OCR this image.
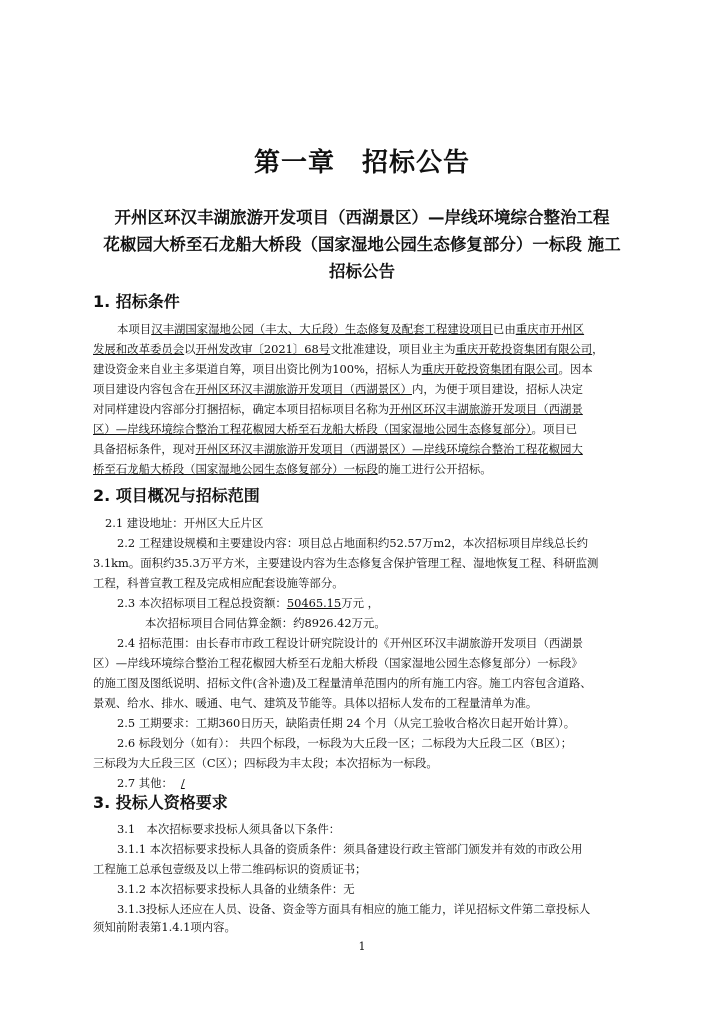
第一章　招标公告
开州区环汉丰湖旅游开发项目（西湖景区）—岸线环境综合整治工程
花椒园大桥至石龙船大桥段（国家湿地公园生态修复部分）一标段 施工
招标公告
1. 招标条件
本项目汉丰湖国家湿地公园（丰太、大丘段）生态修复及配套工程建设项目已由重庆市开州区
发展和改革委员会以开州发改审〔2021〕68号文批准建设，项目业主为重庆开乾投资集团有限公司，
建设资金来自业主多渠道自筹，项目出资比例为100%，招标人为重庆开乾投资集团有限公司。因本
项目建设内容包含在开州区环汉丰湖旅游开发项目（西湖景区）内，为便于项目建设，招标人决定
对同样建设内容部分打捆招标，确定本项目招标项目名称为开州区环汉丰湖旅游开发项目（西湖景
区）—岸线环境综合整治工程花椒园大桥至石龙船大桥段（国家湿地公园生态修复部分）。项目已
具备招标条件，现对开州区环汉丰湖旅游开发项目（西湖景区）—岸线环境综合整治工程花椒园大
桥至石龙船大桥段（国家湿地公园生态修复部分）一标段的施工进行公开招标。
2. 项目概况与招标范围
2.1 建设地址：开州区大丘片区
2.2 工程建设规模和主要建设内容：项目总占地面积约52.57万m2，本次招标项目岸线总长约
3.1km。面积约35.3万平方米，主要建设内容为生态修复含保护管理工程、湿地恢复工程、科研监测
工程，科普宣教工程及完成相应配套设施等部分。
2.3 本次招标项目工程总投资额：50465.15万元 ，
本次招标项目合同估算金额：约8926.42万元。
2.4 招标范围：由长春市市政工程设计研究院设计的《开州区环汉丰湖旅游开发项目（西湖景
区）—岸线环境综合整治工程花椒园大桥至石龙船大桥段（国家湿地公园生态修复部分）一标段》
的施工图及图纸说明、招标文件(含补遗)及工程量清单范围内的所有施工内容。施工内容包含道路、
景观、给水、排水、暖通、电气、建筑及节能等。具体以招标人发布的工程量清单为准。
2.5 工期要求：工期360日历天，缺陷责任期 24 个月（从完工验收合格次日起开始计算）。
2.6 标段划分（如有）： 共四个标段，一标段为大丘段一区；二标段为大丘段二区（B区）；
三标段为大丘段三区（C区）；四标段为丰太段；本次招标为一标段。
2.7 其他： /
3. 投标人资格要求
3.1　本次招标要求投标人须具备以下条件：
3.1.1 本次招标要求投标人具备的资质条件：须具备建设行政主管部门颁发并有效的市政公用
工程施工总承包壹级及以上带二维码标识的资质证书；
3.1.2 本次招标要求投标人具备的业绩条件：无
3.1.3投标人还应在人员、设备、资金等方面具有相应的施工能力，详见招标文件第二章投标人
须知前附表第1.4.1项内容。
1
